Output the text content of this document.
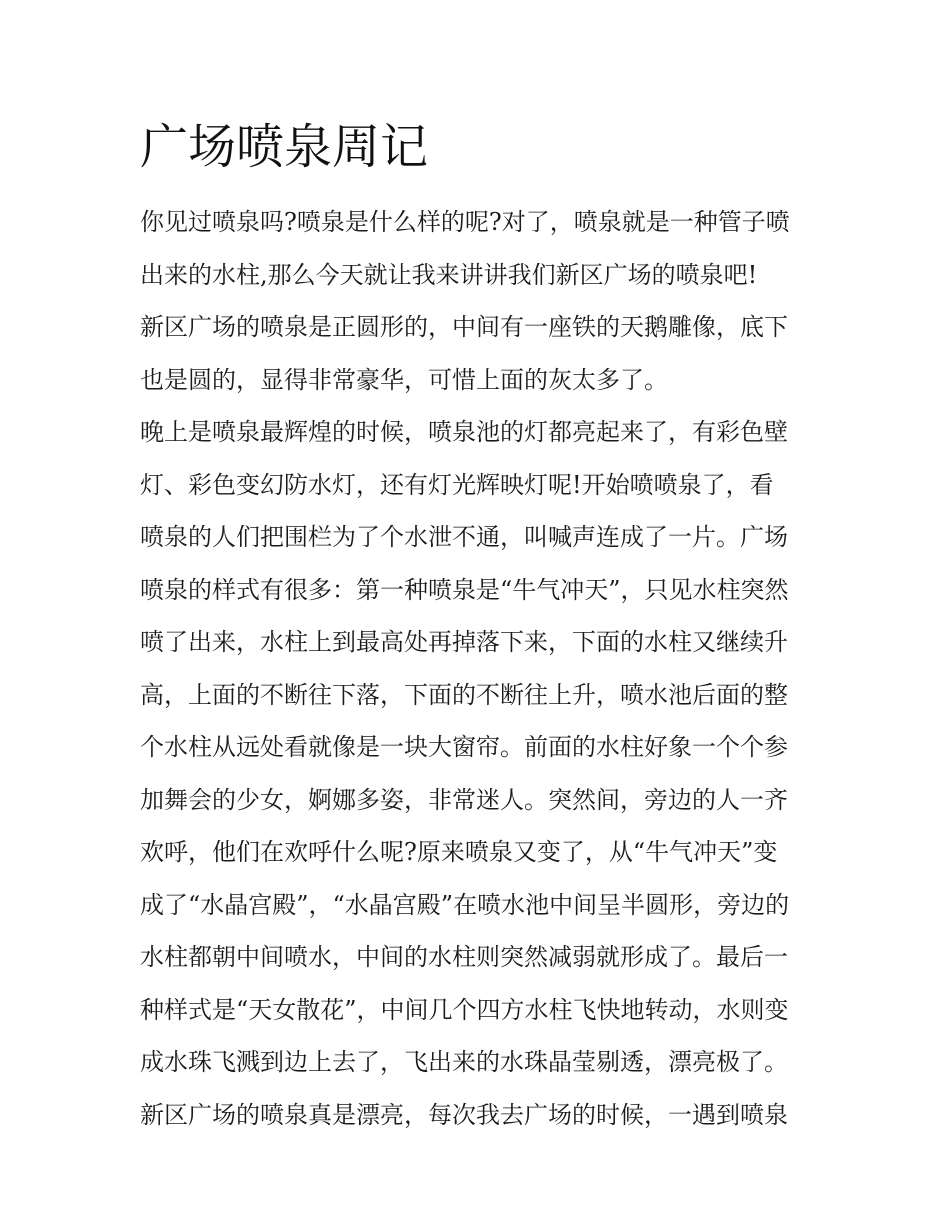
广场喷泉周记
你见过喷泉吗?喷泉是什么样的呢?对了，喷泉就是一种管子喷
出来的水柱,那么今天就让我来讲讲我们新区广场的喷泉吧!
新区广场的喷泉是正圆形的，中间有一座铁的天鹅雕像，底下
也是圆的，显得非常豪华，可惜上面的灰太多了。
晚上是喷泉最辉煌的时候，喷泉池的灯都亮起来了，有彩色壁
灯、彩色变幻防水灯，还有灯光辉映灯呢!开始喷喷泉了，看
喷泉的人们把围栏为了个水泄不通，叫喊声连成了一片。广场
喷泉的样式有很多：第一种喷泉是“牛气冲天”，只见水柱突然
喷了出来，水柱上到最高处再掉落下来，下面的水柱又继续升
高，上面的不断往下落，下面的不断往上升，喷水池后面的整
个水柱从远处看就像是一块大窗帘。前面的水柱好象一个个参
加舞会的少女，婀娜多姿，非常迷人。突然间，旁边的人一齐
欢呼，他们在欢呼什么呢?原来喷泉又变了，从“牛气冲天”变
成了“水晶宫殿”，“水晶宫殿”在喷水池中间呈半圆形，旁边的
水柱都朝中间喷水，中间的水柱则突然减弱就形成了。最后一
种样式是“天女散花”，中间几个四方水柱飞快地转动，水则变
成水珠飞溅到边上去了，飞出来的水珠晶莹剔透，漂亮极了。
新区广场的喷泉真是漂亮，每次我去广场的时候，一遇到喷泉
